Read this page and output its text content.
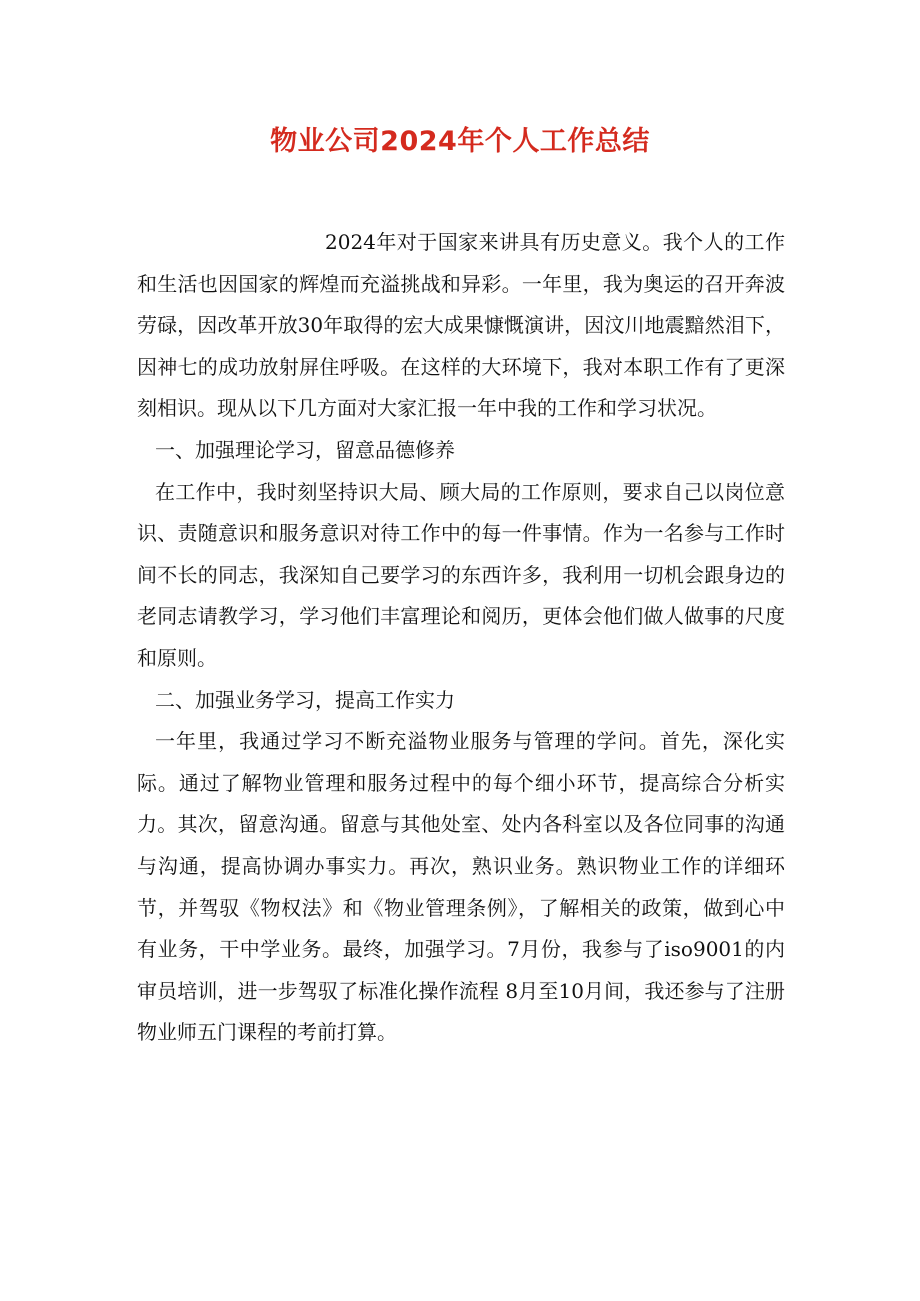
物业公司2024年个人工作总结

2024年对于国家来讲具有历史意义。我个人的工作和生活也因国家的辉煌而充溢挑战和异彩。一年里，我为奥运的召开奔波劳碌，因改革开放30年取得的宏大成果慷慨演讲，因汶川地震黯然泪下，因神七的成功放射屏住呼吸。在这样的大环境下，我对本职工作有了更深刻相识。现从以下几方面对大家汇报一年中我的工作和学习状况。

一、加强理论学习，留意品德修养

在工作中，我时刻坚持识大局、顾大局的工作原则，要求自己以岗位意识、责随意识和服务意识对待工作中的每一件事情。作为一名参与工作时间不长的同志，我深知自己要学习的东西许多，我利用一切机会跟身边的老同志请教学习，学习他们丰富理论和阅历，更体会他们做人做事的尺度和原则。

二、加强业务学习，提高工作实力

一年里，我通过学习不断充溢物业服务与管理的学问。首先，深化实际。通过了解物业管理和服务过程中的每个细小环节，提高综合分析实力。其次，留意沟通。留意与其他处室、处内各科室以及各位同事的沟通与沟通，提高协调办事实力。再次，熟识业务。熟识物业工作的详细环节，并驾驭《物权法》和《物业管理条例》，了解相关的政策，做到心中有业务，干中学业务。最终，加强学习。7月份，我参与了iso9001的内审员培训，进一步驾驭了标准化操作流程 8月至10月间，我还参与了注册物业师五门课程的考前打算。
